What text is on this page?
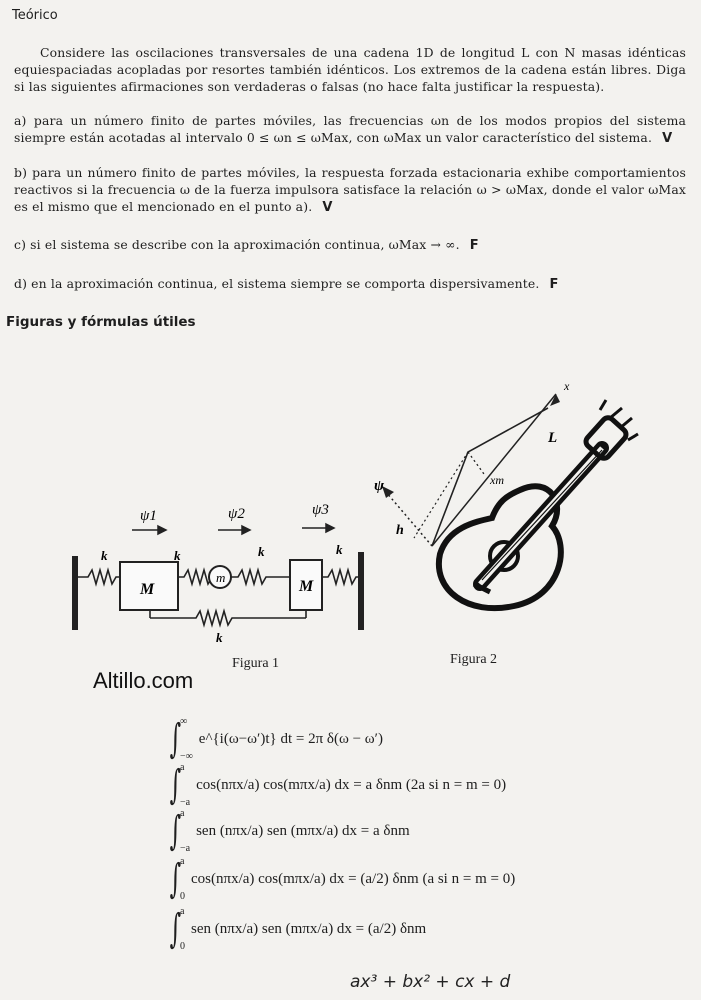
Teórico
Considere las oscilaciones transversales de una cadena 1D de longitud L con N masas idénticas equiespaciadas acopladas por resortes también idénticos. Los extremos de la cadena están libres. Diga si las siguientes afirmaciones son verdaderas o falsas (no hace falta justificar la respuesta).
a) para un número finito de partes móviles, las frecuencias ωn de los modos propios del sistema siempre están acotadas al intervalo 0 ≤ ωn ≤ ωMax, con ωMax un valor característico del sistema. V
b) para un número finito de partes móviles, la respuesta forzada estacionaria exhibe comportamientos reactivos si la frecuencia ω de la fuerza impulsora satisface la relación ω > ωMax, donde el valor ωMax es el mismo que el mencionado en el punto a). V
c) si el sistema se describe con la aproximación continua, ωMax → ∞. F
d) en la aproximación continua, el sistema siempre se comporta dispersivamente. F
Figuras y fórmulas útiles
M
m
M
k	k	k	k
k
ψ1	ψ2	ψ3
Figura 1
x
L
xm
ψ
h
Figura 2
Altillo.com
∫
∞
−∞
e^{i(ω−ω′)t} dt = 2π δ(ω − ω′)
∫
a
−a
cos(nπx/a) cos(mπx/a) dx = a δnm (2a si n = m = 0)
∫
a
−a
sen (nπx/a) sen (mπx/a) dx = a δnm
∫
a
0
cos(nπx/a) cos(mπx/a) dx = (a/2) δnm (a si n = m = 0)
∫
a
0
sen (nπx/a) sen (mπx/a) dx = (a/2) δnm
ax³ + bx² + cx + d
